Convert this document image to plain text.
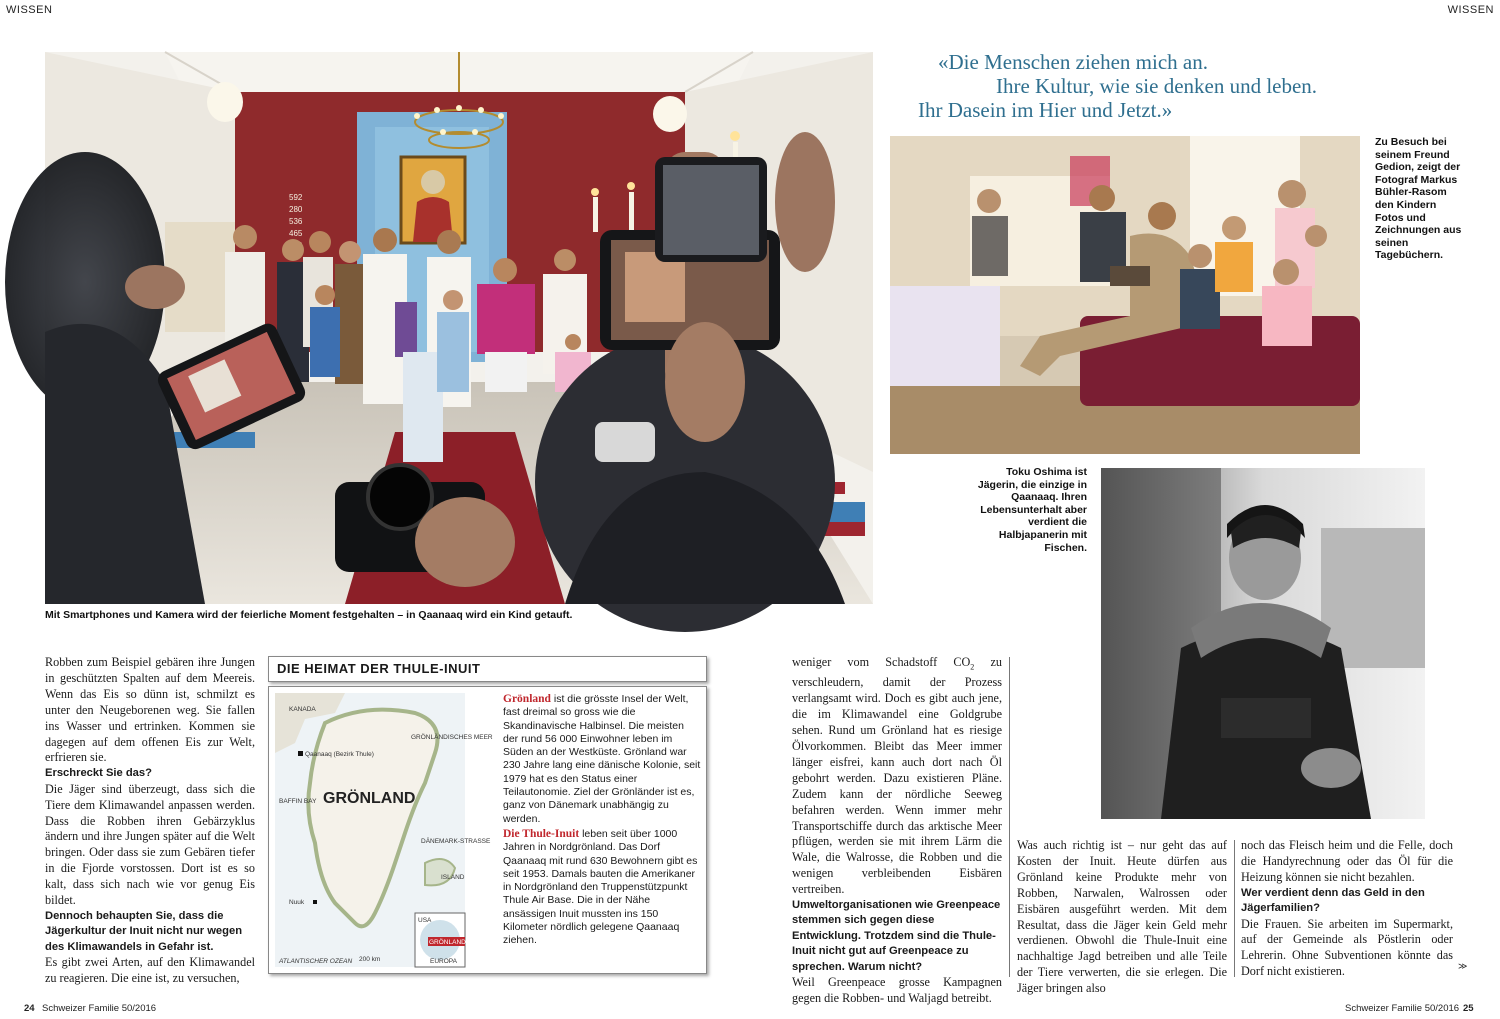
WISSEN	WISSEN
592
280
536
465
Mit Smartphones und Kamera wird der feierliche Moment festgehalten – in Qaanaaq wird ein Kind getauft.
«Die Menschen ziehen mich an.
Ihre Kultur, wie sie denken und leben.
Ihr Dasein im Hier und Jetzt.»
Zu Besuch bei seinem Freund Gedion, zeigt der Fotograf Markus Bühler-Rasom den Kindern Fotos und Zeichnungen aus seinen Tagebüchern.
Toku Oshima ist Jägerin, die einzige in Qaanaaq. Ihren Lebensunterhalt aber verdient die Halbjapanerin mit Fischen.

Robben zum Beispiel gebären ihre Jungen in geschützten Spalten auf dem Meereis. Wenn das Eis so dünn ist, schmilzt es unter den Neugeborenen weg. Sie fallen ins Wasser und ertrinken. Kommen sie dagegen auf dem offenen Eis zur Welt, erfrieren sie.

Erschreckt Sie das?

Die Jäger sind überzeugt, dass sich die Tiere dem Klimawandel anpassen werden. Dass die Robben ihren Gebärzyklus ändern und ihre Jungen später auf die Welt bringen. Oder dass sie zum Gebären tiefer in die Fjorde vorstossen. Dort ist es so kalt, dass sich nach wie vor genug Eis bildet.

Dennoch behaupten Sie, dass die Jägerkultur der Inuit nicht nur wegen des Klimawandels in Gefahr ist.

Es gibt zwei Arten, auf den Klimawandel zu reagieren. Die eine ist, zu versuchen,

DIE HEIMAT DER THULE-INUIT
KANADA
Qaanaaq (Bezirk Thule)
GRÖNLÄNDISCHES MEER
BAFFIN BAY GRÖNLAND
DÄNEMARK-STRASSE
ISLAND
Nuuk
ATLANTISCHER OZEAN 200 km
USA
GRÖNLAND
EUROPA
Grönland ist die grösste Insel der Welt, fast dreimal so gross wie die Skandinavische Halbinsel. Die meisten der rund 56 000 Einwohner leben im Süden an der Westküste. Grönland war 230 Jahre lang eine dänische Kolonie, seit 1979 hat es den Status einer Teilautonomie. Ziel der Grönländer ist es, ganz von Dänemark unabhängig zu werden.
Die Thule-Inuit leben seit über 1000 Jahren in Nordgrönland. Das Dorf Qaanaaq mit rund 630 Bewohnern gibt es seit 1953. Damals bauten die Amerikaner in Nordgrönland den Truppenstützpunkt Thule Air Base. Die in der Nähe ansässigen Inuit mussten ins 150 Kilometer nördlich gelegene Qaanaaq ziehen.

weniger vom Schadstoff $CO_2$ zu verschleudern, damit der Prozess verlangsamt wird. Doch es gibt auch jene, die im Klimawandel eine Goldgrube sehen. Rund um Grönland hat es riesige Ölvorkommen. Bleibt das Meer immer länger eisfrei, kann auch dort nach Öl gebohrt werden. Dazu existieren Pläne. Zudem kann der nördliche Seeweg befahren werden. Wenn immer mehr Transportschiffe durch das arktische Meer pflügen, werden sie mit ihrem Lärm die Wale, die Walrosse, die Robben und die wenigen verbleibenden Eisbären vertreiben.

Umweltorganisationen wie Greenpeace stemmen sich gegen diese Entwicklung. Trotzdem sind die Thule-Inuit nicht gut auf Greenpeace zu sprechen. Warum nicht?

Weil Greenpeace grosse Kampagnen gegen die Robben- und Waljagd betreibt.

Was auch richtig ist – nur geht das auf Kosten der Inuit. Heute dürfen aus Grönland keine Produkte mehr von Robben, Narwalen, Walrossen oder Eisbären ausgeführt werden. Mit dem Resultat, dass die Jäger kein Geld mehr verdienen. Obwohl die Thule-Inuit eine nachhaltige Jagd betreiben und alle Teile der Tiere verwerten, die sie erlegen. Die Jäger bringen also

noch das Fleisch heim und die Felle, doch die Handyrechnung oder das Öl für die Heizung können sie nicht bezahlen.

Wer verdient denn das Geld in den Jägerfamilien?

Die Frauen. Sie arbeiten im Supermarkt, auf der Gemeinde als Pöstlerin oder Lehrerin. Ohne Subventionen könnte das Dorf nicht existieren.	≫
24 Schweizer Familie 50/2016	Schweizer Familie 50/2016 25
